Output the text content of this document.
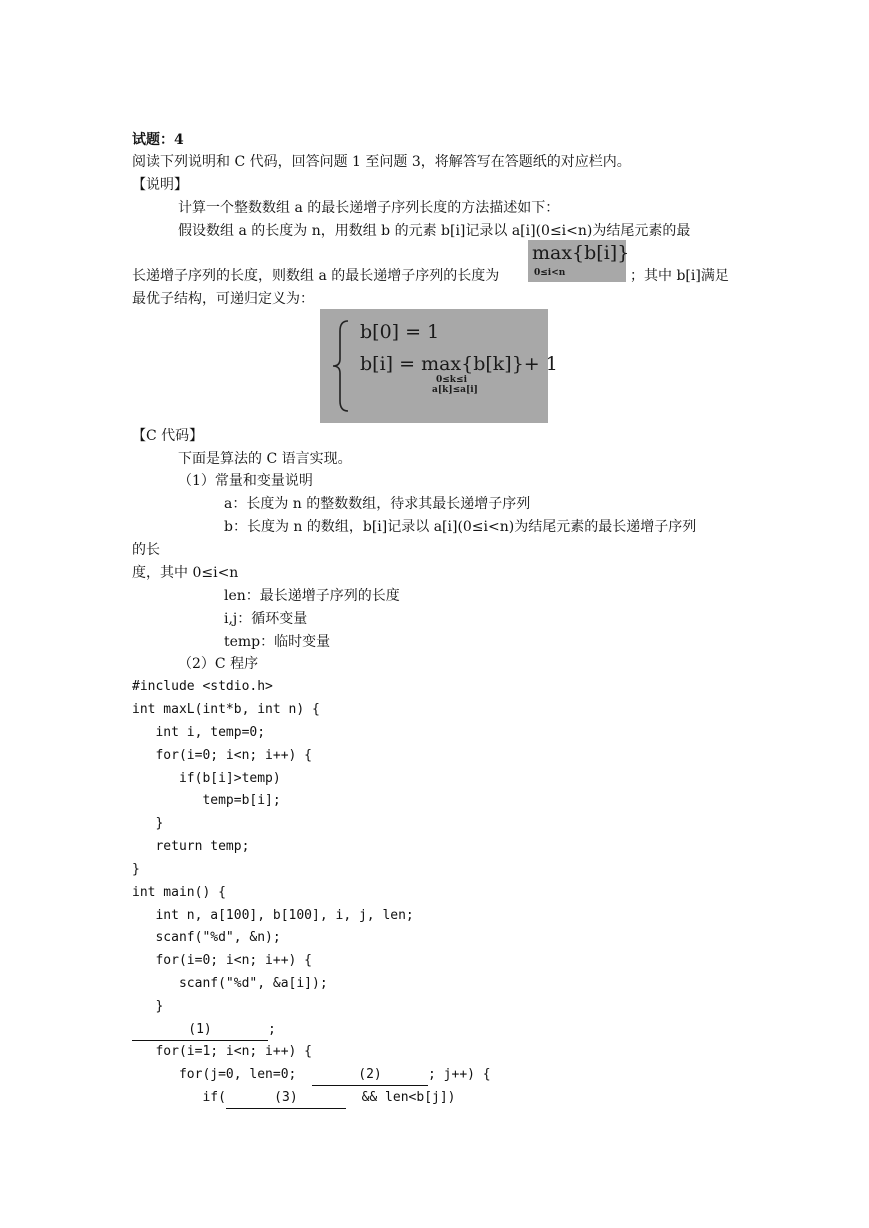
试题：4
阅读下列说明和 C 代码，回答问题 1 至问题 3，将解答写在答题纸的对应栏内。
【说明】
计算一个整数数组 a 的最长递增子序列长度的方法描述如下：
假设数组 a 的长度为 n，用数组 b 的元素 b[i]记录以 a[i](0≤i<n)为结尾元素的最
长递增子序列的长度，则数组 a 的最长递增子序列的长度为
max{b[i]}
0≤i<n	；其中 b[i]满足
最优子结构，可递归定义为：
b[0] = 1
b[i] = max{b[k]}+ 1
0≤k≤i
a[k]≤a[i]
【C 代码】
下面是算法的 C 语言实现。
（1）常量和变量说明
a：长度为 n 的整数数组，待求其最长递增子序列
b：长度为 n 的数组，b[i]记录以 a[i](0≤i<n)为结尾元素的最长递增子序列
的长
度，其中 0≤i<n
len：最长递增子序列的长度
i,j：循环变量
temp：临时变量
（2）C 程序
#include <stdio.h>
int maxL(int*b, int n) {
int i, temp=0;
for(i=0; i<n; i++) {
if(b[i]>temp)
temp=b[i];
}
return temp;
}
int main() {
int n, a[100], b[100], i, j, len;
scanf("%d", &n);
for(i=0; i<n; i++) {
scanf("%d", &a[i]);
}
(1)	;
for(i=1; i<n; i++) {
for(j=0, len=0;	(2)	; j++) {
if(	(3)	&& len<b[j])
